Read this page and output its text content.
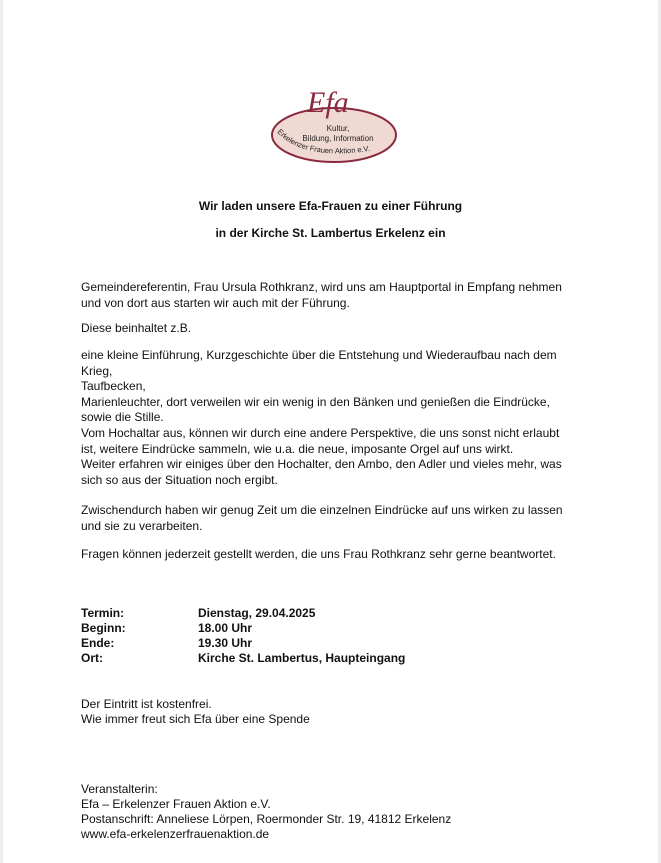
Efa
Kultur,
Bildung, Information
Erkelenzer Frauen Aktion e.V.
Wir laden unsere Efa-Frauen zu einer Führung
in der Kirche St. Lambertus Erkelenz ein
Gemeindereferentin, Frau Ursula Rothkranz, wird uns am Hauptportal in Empfang nehmen
und von dort aus starten wir auch mit der Führung.
Diese beinhaltet z.B.
eine kleine Einführung, Kurzgeschichte über die Entstehung und Wiederaufbau nach dem
Krieg,
Taufbecken,
Marienleuchter, dort verweilen wir ein wenig in den Bänken und genießen die Eindrücke,
sowie die Stille.
Vom Hochaltar aus, können wir durch eine andere Perspektive, die uns sonst nicht erlaubt
ist, weitere Eindrücke sammeln, wie u.a. die neue, imposante Orgel auf uns wirkt.
Weiter erfahren wir einiges über den Hochalter, den Ambo, den Adler und vieles mehr, was
sich so aus der Situation noch ergibt.
Zwischendurch haben wir genug Zeit um die einzelnen Eindrücke auf uns wirken zu lassen
und sie zu verarbeiten.
Fragen können jederzeit gestellt werden, die uns Frau Rothkranz sehr gerne beantwortet.
Termin:	Dienstag, 29.04.2025
Beginn:	18.00 Uhr
Ende:	19.30 Uhr
Ort:	Kirche St. Lambertus, Haupteingang
Der Eintritt ist kostenfrei.
Wie immer freut sich Efa über eine Spende
Veranstalterin:
Efa – Erkelenzer Frauen Aktion e.V.
Postanschrift: Anneliese Lörpen, Roermonder Str. 19, 41812 Erkelenz
www.efa-erkelenzerfrauenaktion.de
